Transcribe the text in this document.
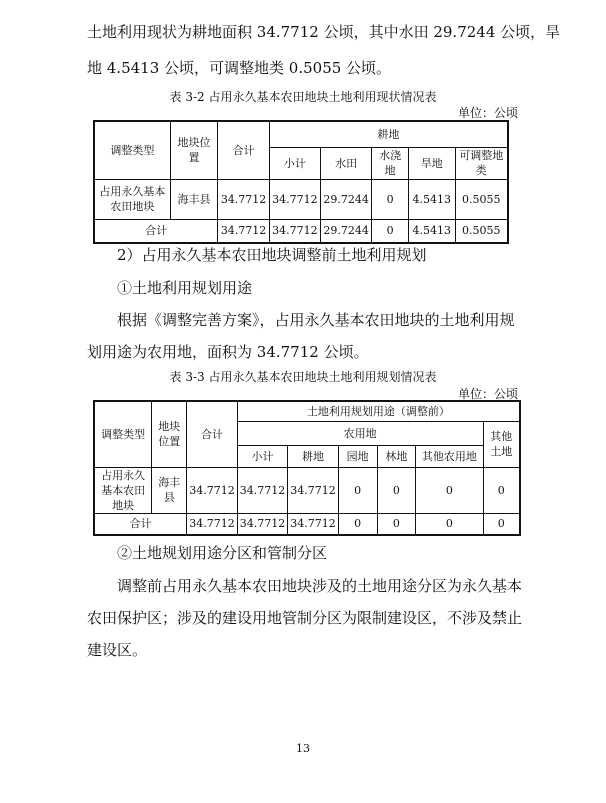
土地利用现状为耕地面积 34.7712 公顷，其中水田 29.7244 公顷，旱
地 4.5413 公顷，可调整地类 0.5055 公顷。
表 3-2 占用永久基本农田地块土地利用现状情况表
单位：公顷
调整类型	地块位置	合计	耕地				
			小计	水田	水浇地	旱地	可调整地类
占用永久基本农田地块	海丰县	34.7712	34.7712	29.7244	0	4.5413	0.5055
合计		34.7712	34.7712	29.7244	0	4.5413	0.5055
2）占用永久基本农田地块调整前土地利用规划
①土地利用规划用途
根据《调整完善方案》，占用永久基本农田地块的土地利用规
划用途为农用地，面积为 34.7712 公顷。
表 3-3 占用永久基本农田地块土地利用规划情况表
单位：公顷
调整类型	地块位置	合计	土地利用规划用途（调整前）					
			农用地					其他土地
			小计	耕地	园地	林地	其他农用地	
占用永久基本农田地块	海丰县	34.7712	34.7712	34.7712	0	0	0	0
合计		34.7712	34.7712	34.7712	0	0	0	0
②土地规划用途分区和管制分区
调整前占用永久基本农田地块涉及的土地用途分区为永久基本
农田保护区；涉及的建设用地管制分区为限制建设区，不涉及禁止
建设区。
13
